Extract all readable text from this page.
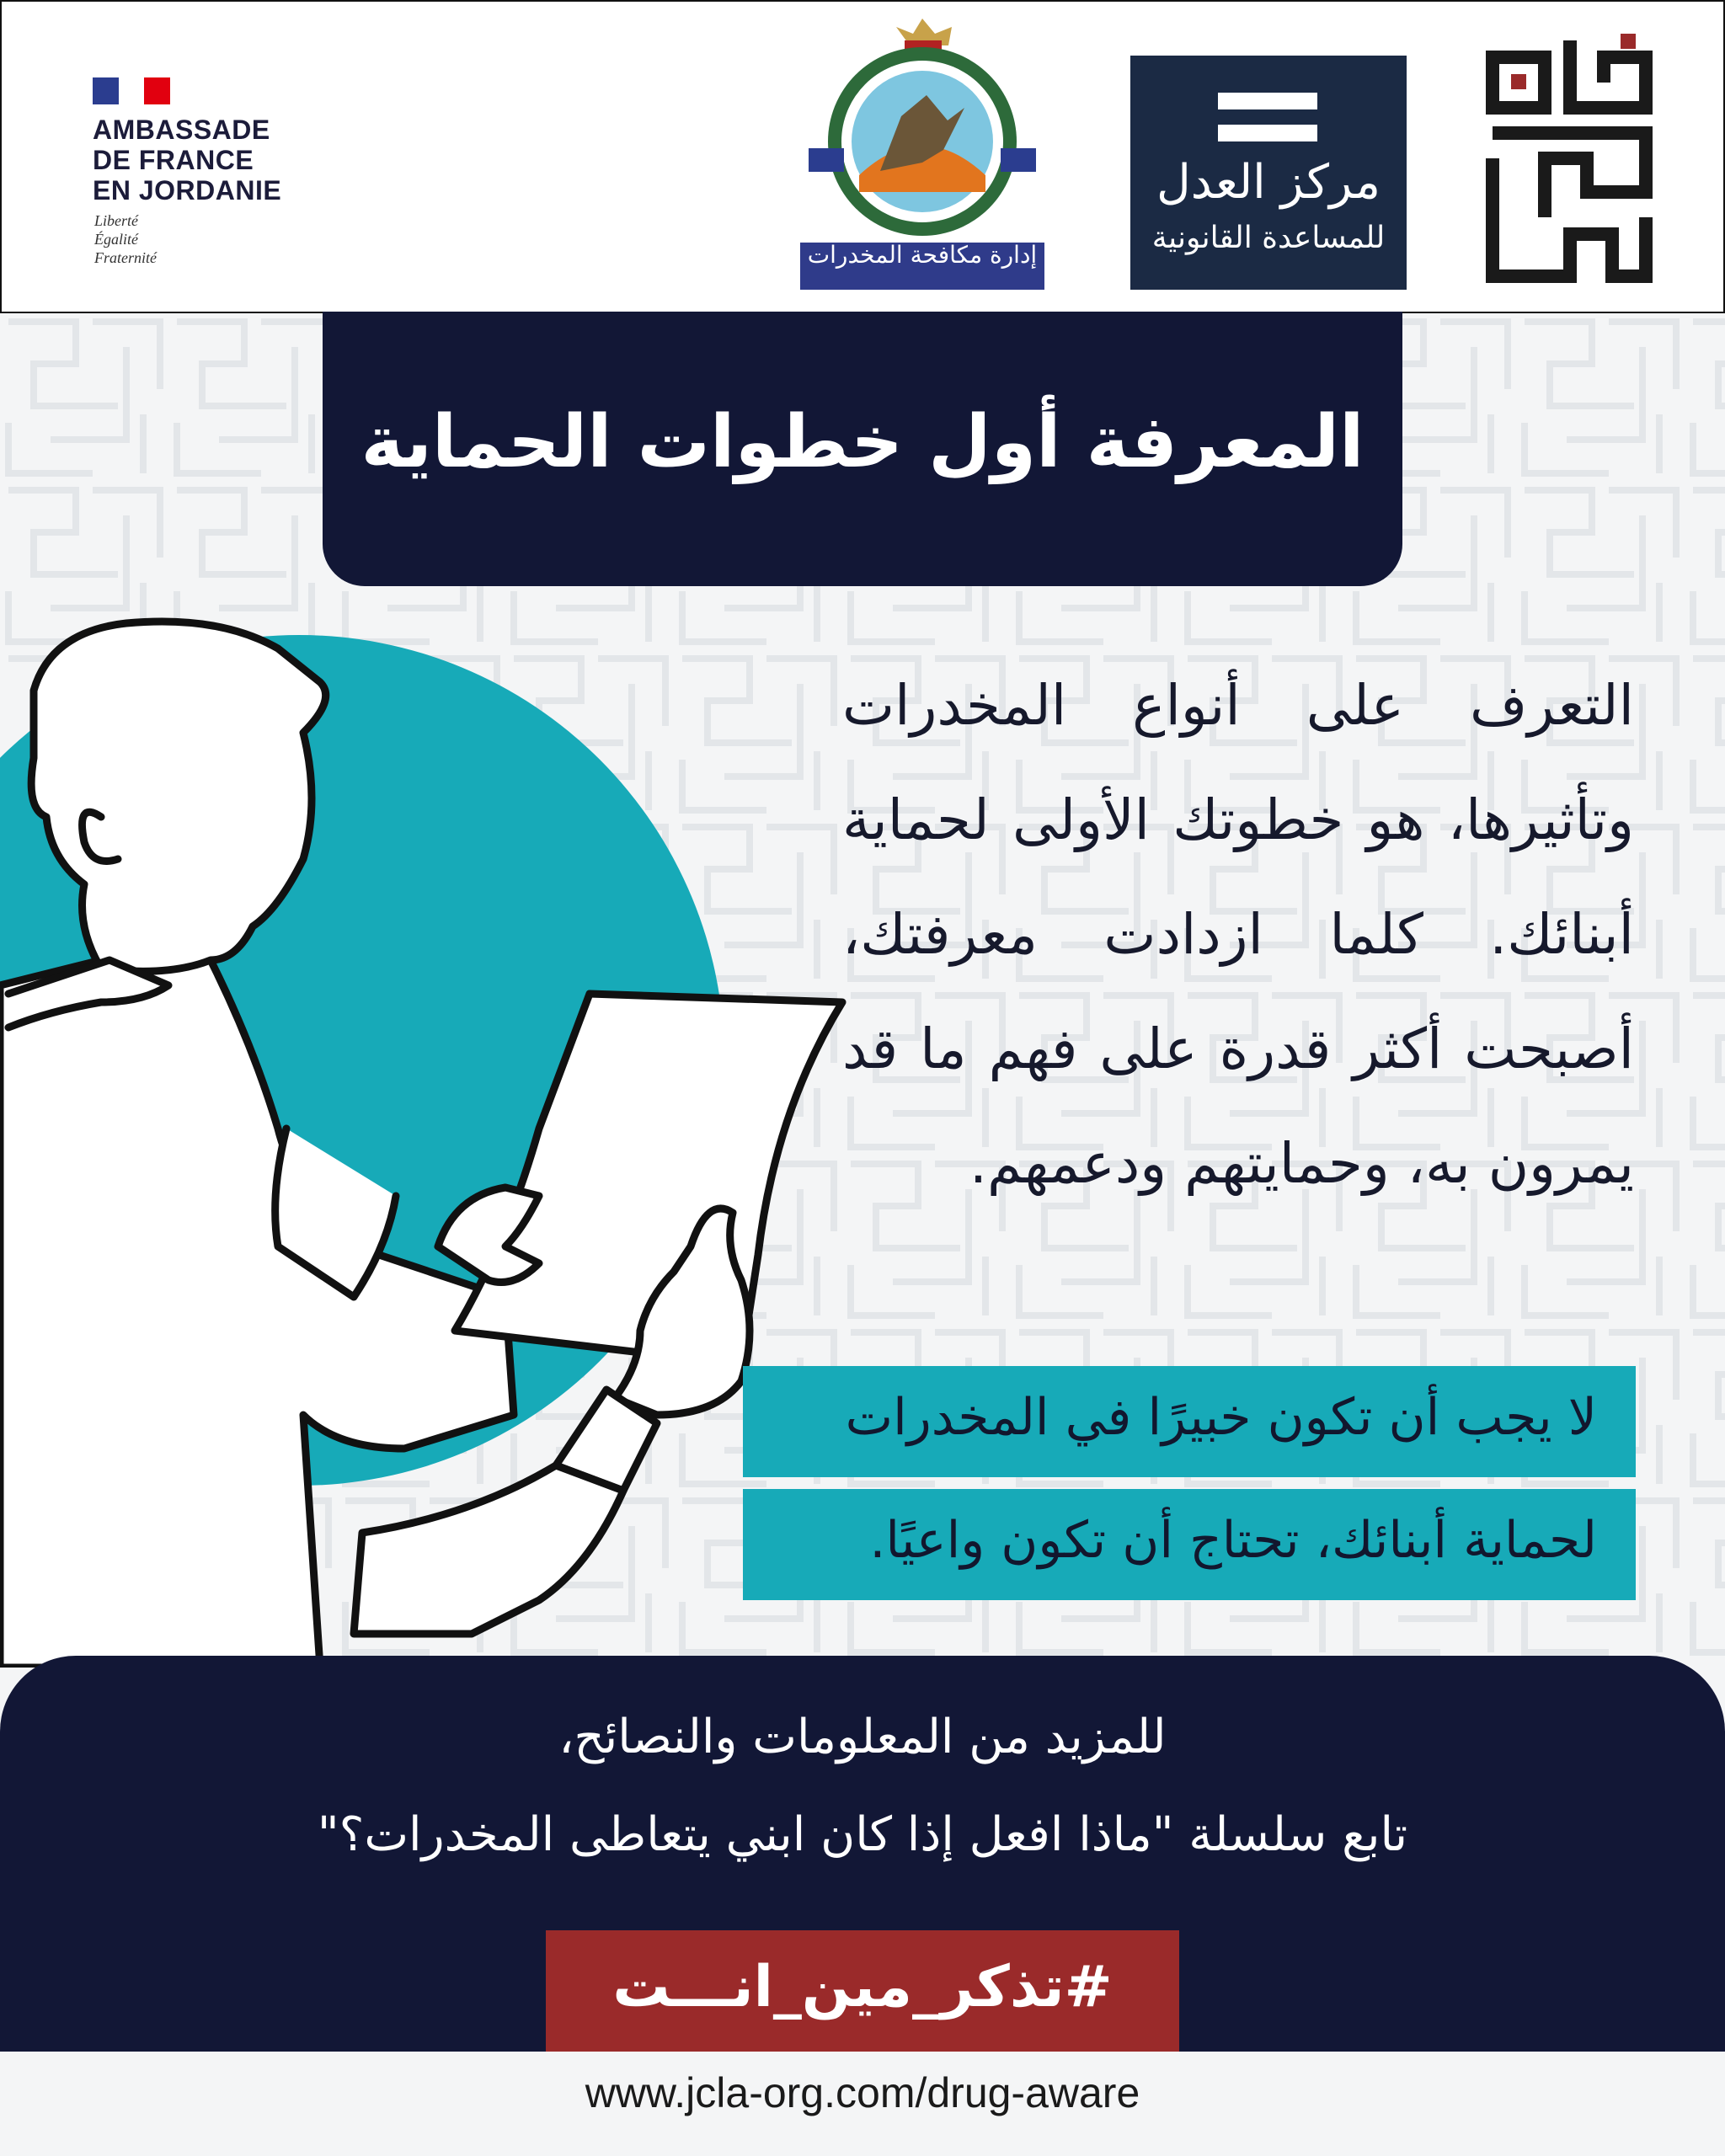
AMBASSADE
DE FRANCE
EN JORDANIE
Liberté
Égalité
Fraternité	إدارة مكافحة المخدرات
مركز العدل
للمساعدة القانونية
المعرفة أول خطوات الحماية
التعرف على أنواع المخدرات وتأثيرها، هو خطوتك الأولى لحماية أبنائك. كلما ازدادت معرفتك، أصبحت أكثر قدرة على فهم ما قد يمرون به، وحمايتهم ودعمهم.
لا يجب أن تكون خبيرًا في المخدرات
لحماية أبنائك، تحتاج أن تكون واعيًا.
للمزيد من المعلومات والنصائح،
تابع سلسلة "ماذا افعل إذا كان ابني يتعاطى المخدرات؟"
#تذكر_مين_انـــت
www.jcla-org.com/drug-aware
